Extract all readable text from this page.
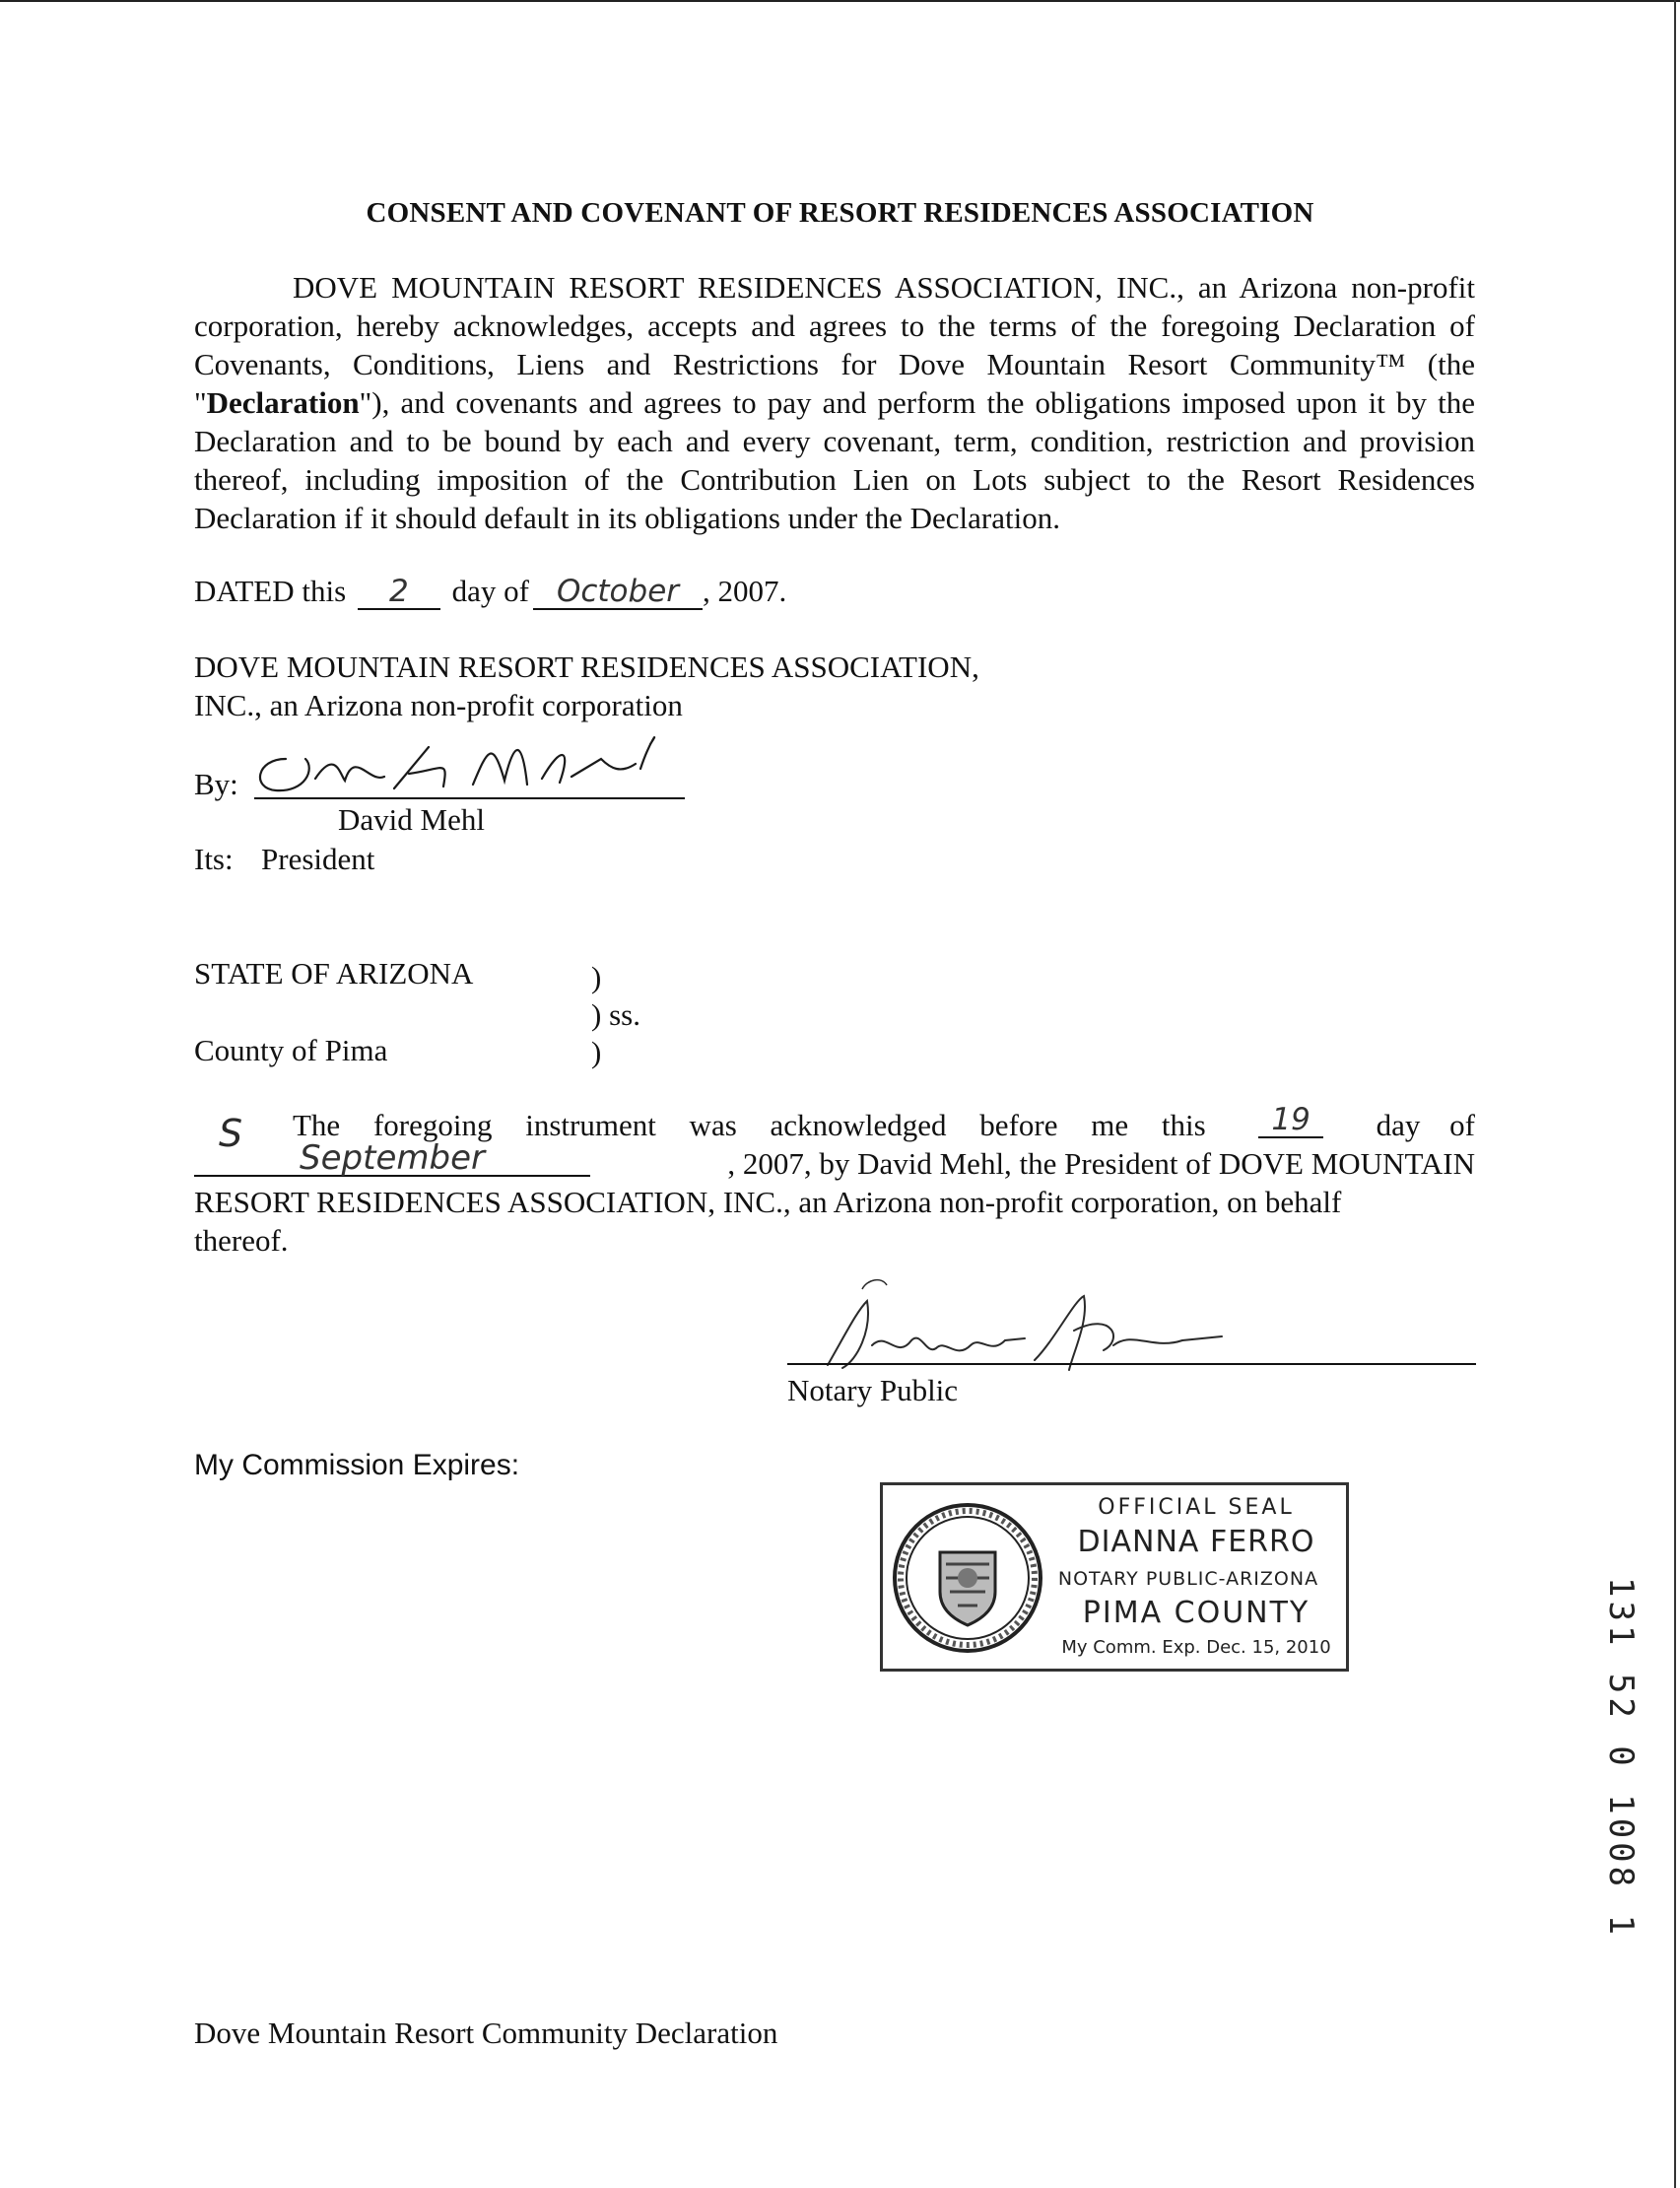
CONSENT AND COVENANT OF RESORT RESIDENCES ASSOCIATION

DOVE MOUNTAIN RESORT RESIDENCES ASSOCIATION, INC., an Arizona non-profit corporation, hereby acknowledges, accepts and agrees to the terms of the foregoing Declaration of Covenants, Conditions, Liens and Restrictions for Dove Mountain Resort Community™ (the "Declaration"), and covenants and agrees to pay and perform the obligations imposed upon it by the Declaration and to be bound by each and every covenant, term, condition, restriction and provision thereof, including imposition of the Contribution Lien on Lots subject to the Resort Residences Declaration if it should default in its obligations under the Declaration.

DATED this 2 day of October , 2007.
DOVE MOUNTAIN RESORT RESIDENCES ASSOCIATION,
INC., an Arizona non-profit corporation
By:
David Mehl
Its: President
STATE OF ARIZONA	)
) ss.
County of Pima	)
S The foregoing instrument was acknowledged before me this	19	day of
September	, 2007, by David Mehl, the President of DOVE MOUNTAIN
RESORT RESIDENCES ASSOCIATION, INC., an Arizona non-profit corporation, on behalf
thereof.
Notary Public
My Commission Expires:
OFFICIAL SEAL
DIANNA FERRO
NOTARY PUBLIC-ARIZONA
PIMA COUNTY
My Comm. Exp. Dec. 15, 2010	131 52 0 1008 1
Dove Mountain Resort Community Declaration
